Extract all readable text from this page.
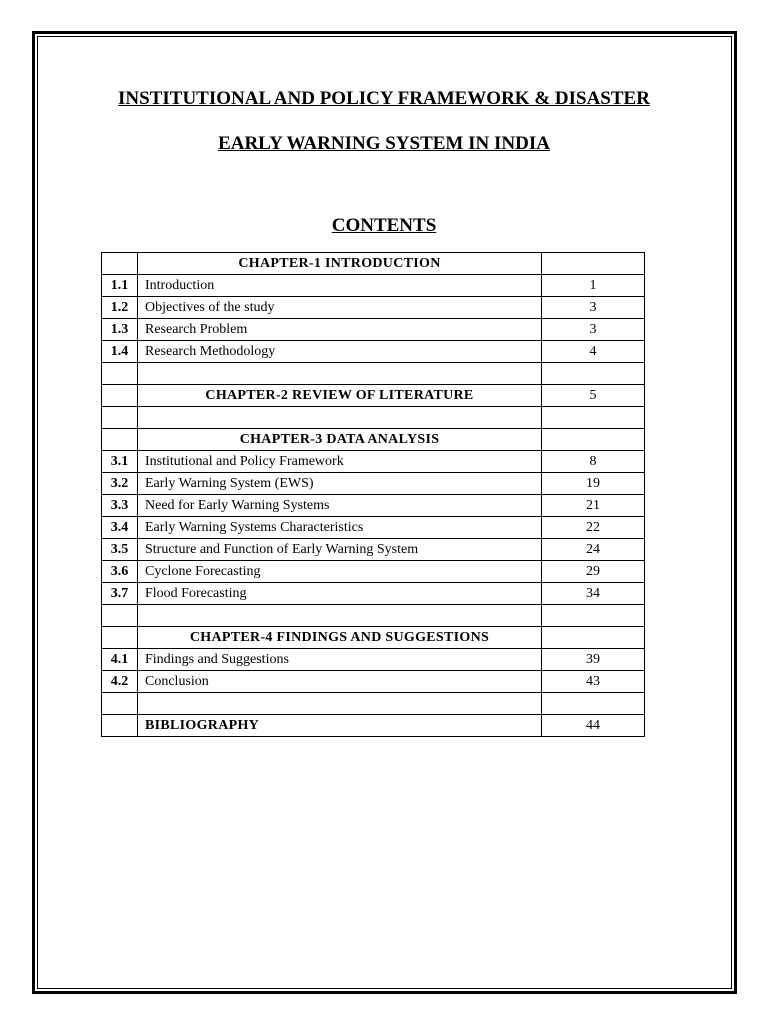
INSTITUTIONAL AND POLICY FRAMEWORK & DISASTER
EARLY WARNING SYSTEM IN INDIA
CONTENTS
	CHAPTER-1 INTRODUCTION	
1.1	Introduction	1
1.2	Objectives of the study	3
1.3	Research Problem	3
1.4	Research Methodology	4

	CHAPTER-2 REVIEW OF LITERATURE	5

	CHAPTER-3 DATA ANALYSIS	
3.1	Institutional and Policy Framework	8
3.2	Early Warning System (EWS)	19
3.3	Need for Early Warning Systems	21
3.4	Early Warning Systems Characteristics	22
3.5	Structure and Function of Early Warning System	24
3.6	Cyclone Forecasting	29
3.7	Flood Forecasting	34

	CHAPTER-4 FINDINGS AND SUGGESTIONS	
4.1	Findings and Suggestions	39
4.2	Conclusion	43

	BIBLIOGRAPHY	44
